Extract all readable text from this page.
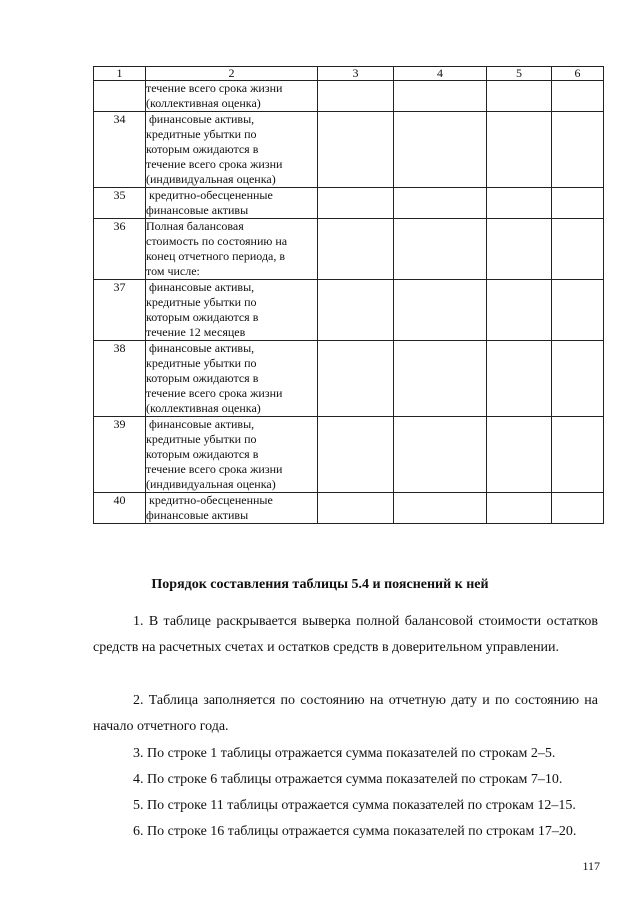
1	2	3	4	5	6

	течение всего срока жизни
(коллективная оценка)				

34	финансовые активы,
кредитные убытки по
которым ожидаются в
течение всего срока жизни
(индивидуальная оценка)				

35	кредитно-обесцененные
финансовые активы				

36	Полная балансовая
стоимость по состоянию на
конец отчетного периода, в
том числе:				

37	финансовые активы,
кредитные убытки по
которым ожидаются в
течение 12 месяцев				

38	финансовые активы,
кредитные убытки по
которым ожидаются в
течение всего срока жизни
(коллективная оценка)				

39	финансовые активы,
кредитные убытки по
которым ожидаются в
течение всего срока жизни
(индивидуальная оценка)				

40	кредитно-обесцененные
финансовые активы				

Порядок составления таблицы 5.4 и пояснений к ней
1. В таблице раскрывается выверка полной балансовой стоимости остатков средств на расчетных счетах и остатков средств в доверительном управлении.
2. Таблица заполняется по состоянию на отчетную дату и по состоянию на начало отчетного года.
3. По строке 1 таблицы отражается сумма показателей по строкам 2–5.
4. По строке 6 таблицы отражается сумма показателей по строкам 7–10.
5. По строке 11 таблицы отражается сумма показателей по строкам 12–15.
6. По строке 16 таблицы отражается сумма показателей по строкам 17–20.
117
